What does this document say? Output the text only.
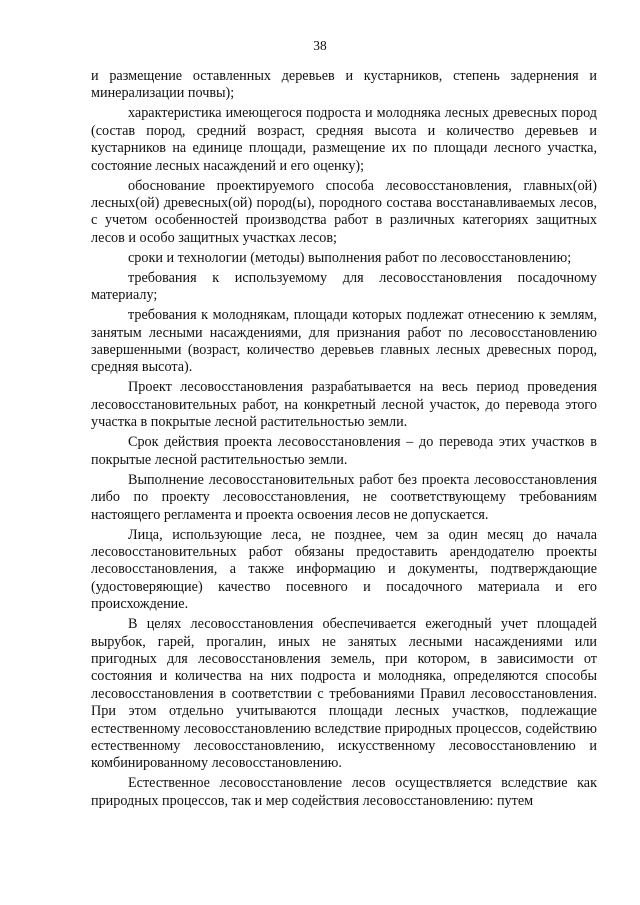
38

и размещение оставленных деревьев и кустарников, степень задернения и минерализации почвы);

характеристика имеющегося подроста и молодняка лесных древесных пород (состав пород, средний возраст, средняя высота и количество деревьев и кустарников на единице площади, размещение их по площади лесного участка, состояние лесных насаждений и его оценку);

обоснование проектируемого способа лесовосстановления, главных(ой) лесных(ой) древесных(ой) пород(ы), породного состава восстанавливаемых лесов, с учетом особенностей производства работ в различных категориях защитных лесов и особо защитных участках лесов;

сроки и технологии (методы) выполнения работ по лесовосстановлению;

требования к используемому для лесовосстановления посадочному материалу;

требования к молоднякам, площади которых подлежат отнесению к землям, занятым лесными насаждениями, для признания работ по лесовосстановлению завершенными (возраст, количество деревьев главных лесных древесных пород, средняя высота).

Проект лесовосстановления разрабатывается на весь период проведения лесовосстановительных работ, на конкретный лесной участок, до перевода этого участка в покрытые лесной растительностью земли.

Срок действия проекта лесовосстановления – до перевода этих участков в покрытые лесной растительностью земли.

Выполнение лесовосстановительных работ без проекта лесовосстановления либо по проекту лесовосстановления, не соответствующему требованиям настоящего регламента и проекта освоения лесов не допускается.

Лица, использующие леса, не позднее, чем за один месяц до начала лесовосстановительных работ обязаны предоставить арендодателю проекты лесовосстановления, а также информацию и документы, подтверждающие (удостоверяющие) качество посевного и посадочного материала и его происхождение.

В целях лесовосстановления обеспечивается ежегодный учет площадей вырубок, гарей, прогалин, иных не занятых лесными насаждениями или пригодных для лесовосстановления земель, при котором, в зависимости от состояния и количества на них подроста и молодняка, определяются способы лесовосстановления в соответствии с требованиями Правил лесовосстановления. При этом отдельно учитываются площади лесных участков, подлежащие естественному лесовосстановлению вследствие природных процессов, содействию естественному лесовосстановлению, искусственному лесовосстановлению и комбинированному лесовосстановлению.

Естественное лесовосстановление лесов осуществляется вследствие как природных процессов, так и мер содействия лесовосстановлению: путем
